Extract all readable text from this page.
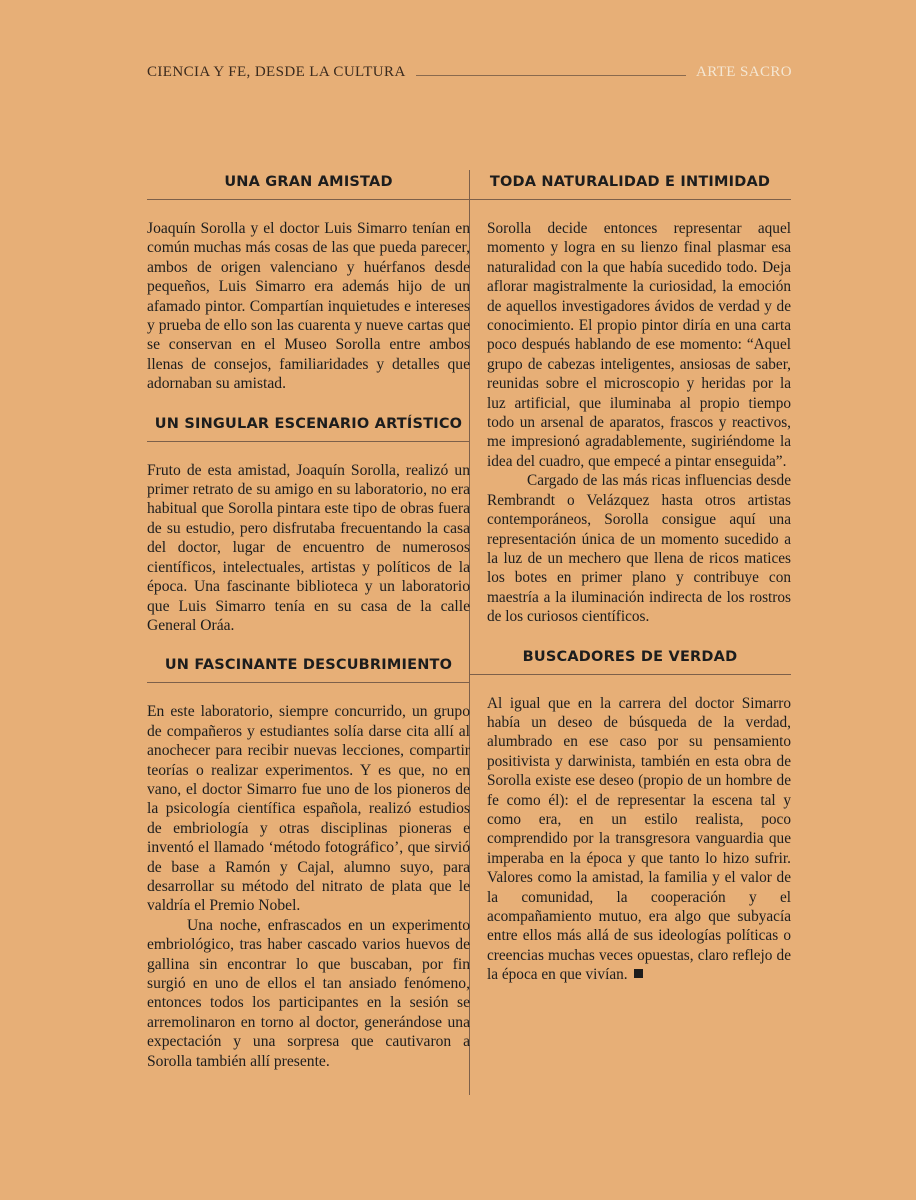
CIENCIA Y FE, DESDE LA CULTURA	ARTE SACRO
UNA GRAN AMISTAD

Joaquín Sorolla y el doctor Luis Simarro tenían en común muchas más cosas de las que pueda parecer, ambos de origen valenciano y huérfanos desde pequeños, Luis Simarro era además hijo de un afamado pintor. Compartían inquietudes e intereses y prueba de ello son las cuarenta y nueve cartas que se conservan en el Museo Sorolla entre ambos llenas de consejos, familiaridades y detalles que adornaban su amistad.

UN SINGULAR ESCENARIO ARTÍSTICO

Fruto de esta amistad, Joaquín Sorolla, realizó un primer retrato de su amigo en su laboratorio, no era habitual que Sorolla pintara este tipo de obras fuera de su estudio, pero disfrutaba frecuentando la casa del doctor, lugar de encuentro de numerosos científicos, intelectuales, artistas y políticos de la época. Una fascinante biblioteca y un laboratorio que Luis Simarro tenía en su casa de la calle General Oráa.

UN FASCINANTE DESCUBRIMIENTO

En este laboratorio, siempre concurrido, un grupo de compañeros y estudiantes solía darse cita allí al anochecer para recibir nuevas lecciones, compartir teorías o realizar experimentos. Y es que, no en vano, el doctor Simarro fue uno de los pioneros de la psicología científica española, realizó estudios de embriología y otras disciplinas pioneras e inventó el llamado ‘método fotográfico’, que sirvió de base a Ramón y Cajal, alumno suyo, para desarrollar su método del nitrato de plata que le valdría el Premio Nobel.

Una noche, enfrascados en un experimento embriológico, tras haber cascado varios huevos de gallina sin encontrar lo que buscaban, por fin surgió en uno de ellos el tan ansiado fenómeno, entonces todos los participantes en la sesión se arremolinaron en torno al doctor, generándose una expectación y una sorpresa que cautivaron a Sorolla también allí presente.

TODA NATURALIDAD E INTIMIDAD

Sorolla decide entonces representar aquel momento y logra en su lienzo final plasmar esa naturalidad con la que había sucedido todo. Deja aflorar magistralmente la curiosidad, la emoción de aquellos investigadores ávidos de verdad y de conocimiento. El propio pintor diría en una carta poco después hablando de ese momento: “Aquel grupo de cabezas inteligentes, ansiosas de saber, reunidas sobre el microscopio y heridas por la luz artificial, que iluminaba al propio tiempo todo un arsenal de aparatos, frascos y reactivos, me impresionó agradablemente, sugiriéndome la idea del cuadro, que empecé a pintar enseguida”.

Cargado de las más ricas influencias desde Rembrandt o Velázquez hasta otros artistas contemporáneos, Sorolla consigue aquí una representación única de un momento sucedido a la luz de un mechero que llena de ricos matices los botes en primer plano y contribuye con maestría a la iluminación indirecta de los rostros de los curiosos científicos.

BUSCADORES DE VERDAD

Al igual que en la carrera del doctor Simarro había un deseo de búsqueda de la verdad, alumbrado en ese caso por su pensamiento positivista y darwinista, también en esta obra de Sorolla existe ese deseo (propio de un hombre de fe como él): el de representar la escena tal y como era, en un estilo realista, poco comprendido por la transgresora vanguardia que imperaba en la época y que tanto lo hizo sufrir. Valores como la amistad, la familia y el valor de la comunidad, la cooperación y el acompañamiento mutuo, era algo que subyacía entre ellos más allá de sus ideologías políticas o creencias muchas veces opuestas, claro reflejo de la época en que vivían.
